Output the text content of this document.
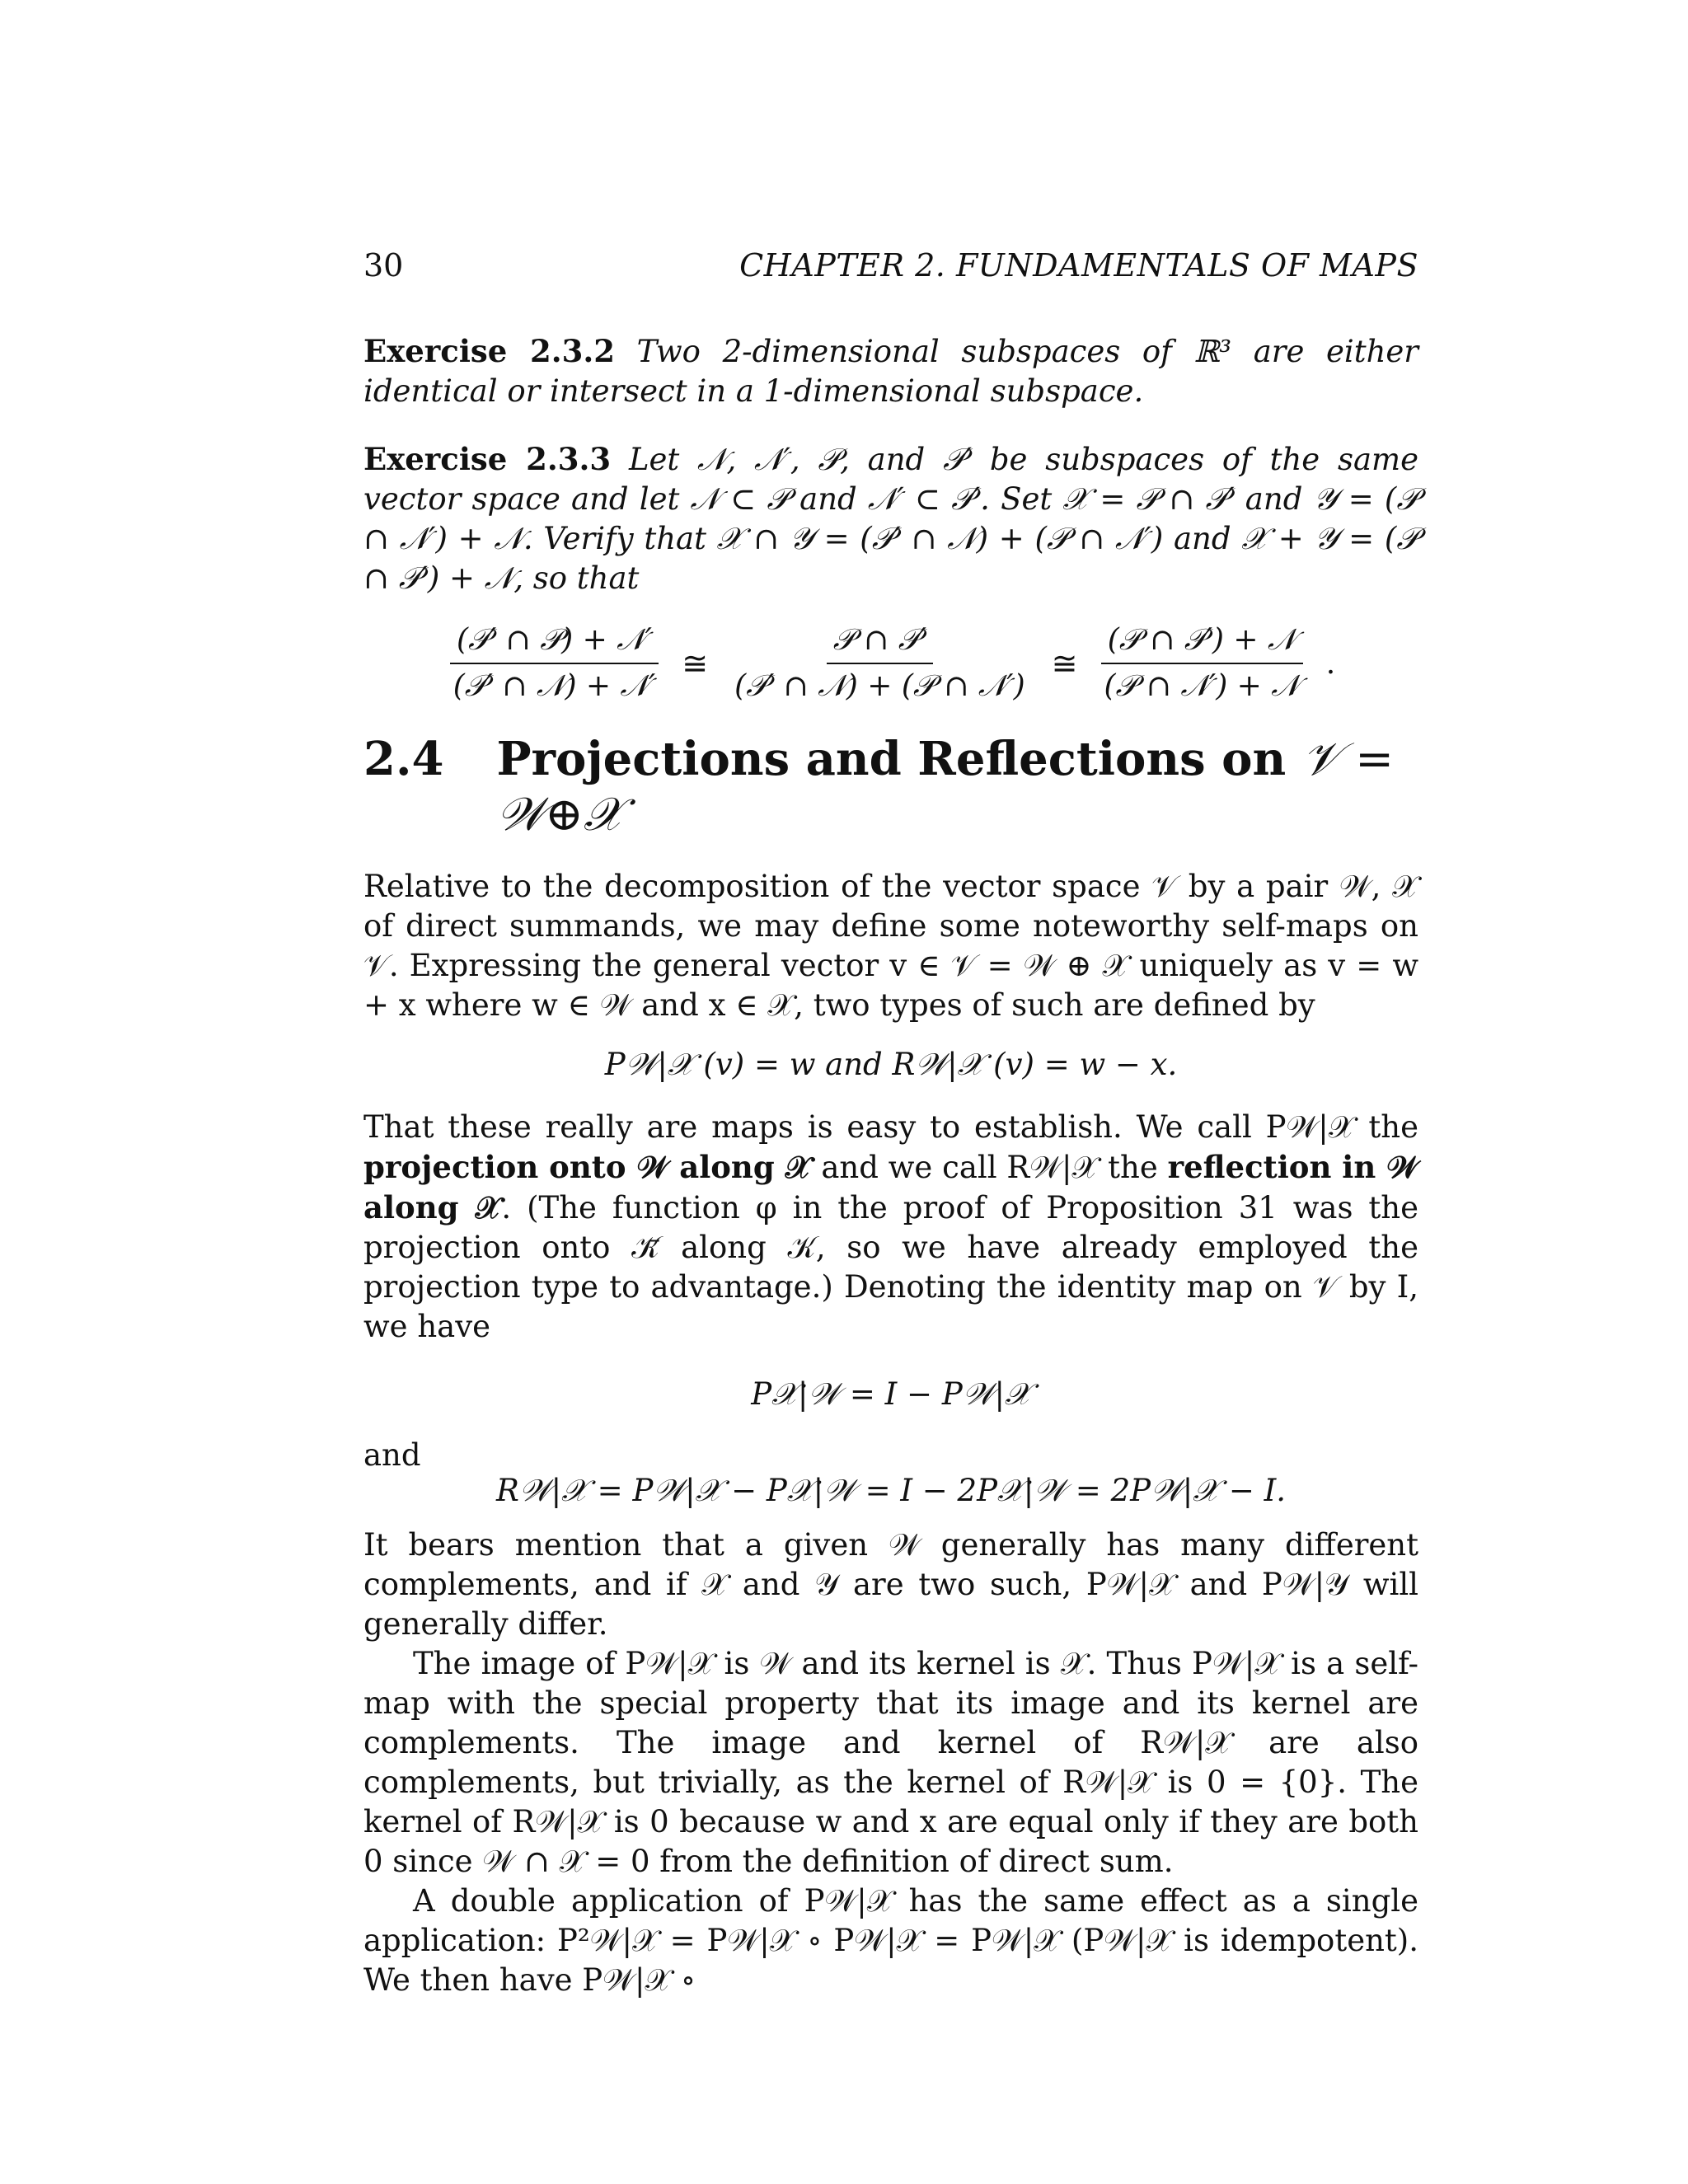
30	CHAPTER 2. FUNDAMENTALS OF MAPS

Exercise 2.3.2 Two 2-dimensional subspaces of ℝ³ are either identical or intersect in a 1-dimensional subspace.

Exercise 2.3.3 Let 𝒩, 𝒩′, 𝒫, and 𝒫′ be subspaces of the same vector space and let 𝒩 ⊂ 𝒫 and 𝒩′ ⊂ 𝒫′. Set 𝒳 = 𝒫 ∩ 𝒫′ and 𝒴 = (𝒫 ∩ 𝒩′) + 𝒩. Verify that 𝒳 ∩ 𝒴 = (𝒫′ ∩ 𝒩) + (𝒫 ∩ 𝒩′) and 𝒳 + 𝒴 = (𝒫 ∩ 𝒫′) + 𝒩, so that

$\frac{\text{(𝒫′ ∩ 𝒫) + 𝒩′}}{\text{(𝒫′ ∩ 𝒩) + 𝒩′}}$ ≅ $\frac{\text{𝒫 ∩ 𝒫′}}{\text{(𝒫′ ∩ 𝒩) + (𝒫 ∩ 𝒩′)}}$ ≅ $\frac{\text{(𝒫 ∩ 𝒫′) + 𝒩}}{\text{(𝒫 ∩ 𝒩′) + 𝒩}}$ .
2.4 Projections and Reflections on 𝒱 = 𝒲⊕𝒳

Relative to the decomposition of the vector space 𝒱 by a pair 𝒲, 𝒳 of direct summands, we may define some noteworthy self-maps on 𝒱. Expressing the general vector v ∈ 𝒱 = 𝒲 ⊕ 𝒳 uniquely as v = w + x where w ∈ 𝒲 and x ∈ 𝒳, two types of such are defined by

P𝒲|𝒳 (v) = w and R𝒲|𝒳 (v) = w − x.

That these really are maps is easy to establish. We call P𝒲|𝒳 the projection onto 𝒲 along 𝒳 and we call R𝒲|𝒳 the reflection in 𝒲 along 𝒳. (The function φ in the proof of Proposition 31 was the projection onto 𝒦̄ along 𝒦, so we have already employed the projection type to advantage.) Denoting the identity map on 𝒱 by I, we have

P𝒳|𝒲 = I − P𝒲|𝒳
and
R𝒲|𝒳 = P𝒲|𝒳 − P𝒳|𝒲 = I − 2P𝒳|𝒲 = 2P𝒲|𝒳 − I.

It bears mention that a given 𝒲 generally has many different complements, and if 𝒳 and 𝒴 are two such, P𝒲|𝒳 and P𝒲|𝒴 will generally differ.

The image of P𝒲|𝒳 is 𝒲 and its kernel is 𝒳. Thus P𝒲|𝒳 is a self-map with the special property that its image and its kernel are complements. The image and kernel of R𝒲|𝒳 are also complements, but trivially, as the kernel of R𝒲|𝒳 is 0 = {0}. The kernel of R𝒲|𝒳 is 0 because w and x are equal only if they are both 0 since 𝒲 ∩ 𝒳 = 0 from the definition of direct sum.

A double application of P𝒲|𝒳 has the same effect as a single application: P²𝒲|𝒳 = P𝒲|𝒳 ∘ P𝒲|𝒳 = P𝒲|𝒳 (P𝒲|𝒳 is idempotent). We then have P𝒲|𝒳 ∘
